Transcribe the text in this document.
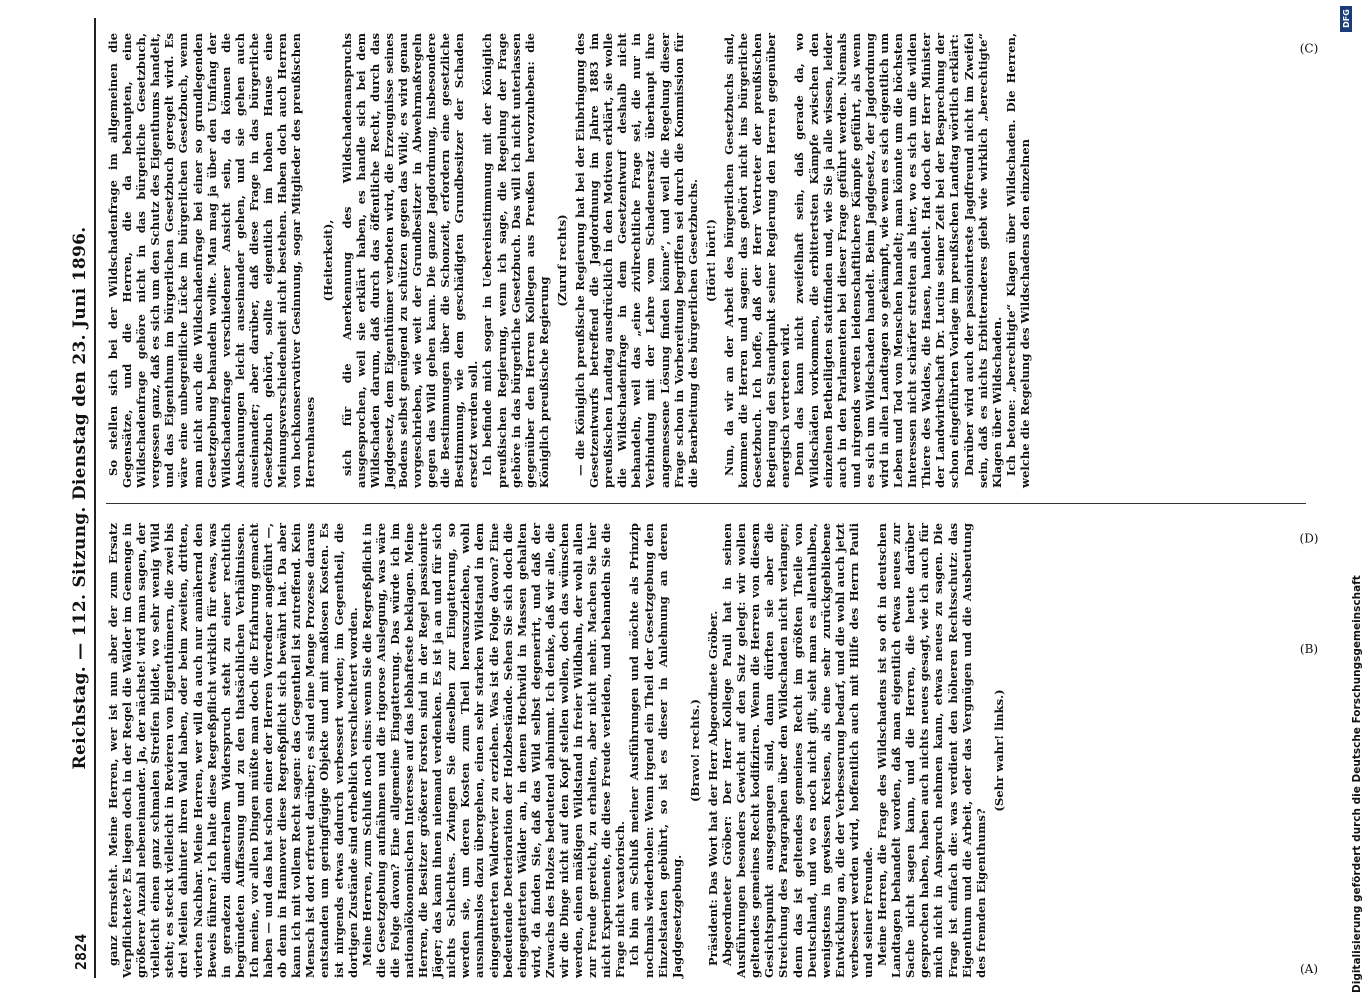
2824
Reichstag. — 112. Sitzung. Dienstag den 23. Juni 1896. ganz fernsteht. Meine Herren, wer ist nun aber der zum Ersatz Verpflichtete? Es liegen doch in der Regel die Wälder im Gemenge in größerer Anzahl nebeneinander. Ja, der nächste! wird man sagen, der vielleicht einen ganz schmalen Streifen bildet, wo sehr wenig Wild steht; es steckt vielleicht in Revieren von Eigenthümern, die zwei bis drei Meilen dahinter ihren Wald haben, oder beim zweiten, dritten, vierten Nachbar. Meine Herren, wer will da auch nur annähernd den Beweis führen? Ich halte diese Regreßpflicht wirklich für etwas, was in geradezu diametralem Widerspruch steht zu einer rechtlich begründeten Auffassung und zu den thatsächlichen Verhältnissen. Ich meine, vor allen Dingen müßte man doch die Erfahrung gemacht haben — und das hat schon einer der Herren Vorredner angeführt —, ob denn in Hannover diese Regreßpflicht sich bewährt hat. Da aber kann ich mit vollem Recht sagen: das Gegentheil ist zutreffend. Kein Mensch ist dort erfreut darüber; es sind eine Menge Prozesse daraus entstanden um geringfügige Objekte und mit maßlosen Kosten. Es ist nirgends etwas dadurch verbessert worden; im Gegentheil, die dortigen Zustände sind erheblich verschlechtert worden. Meine Herren, zum Schluß noch eins: wenn Sie die Regreßpflicht in die Gesetzgebung aufnähmen und die rigorose Auslegung, was wäre die Folge davon? Eine allgemeine Eingatterung. Das würde ich im nationalökonomischen Interesse auf das lebhafteste beklagen. Meine Herren, die Besitzer größerer Forsten sind in der Regel passionirte Jäger; das kann ihnen niemand verdenken. Es ist ja an und für sich nichts Schlechtes. Zwingen Sie dieselben zur Eingatterung, so werden sie, um deren Kosten zum Theil herauszuziehen, wohl ausnahmslos dazu übergehen, einen sehr starken Wildstand in dem eingegatterten Waldrevier zu erziehen. Was ist die Folge davon? Eine bedeutende Deterioration der Holzbestände. Sehen Sie sich doch die eingegatterten Wälder an, in denen Hochwild in Massen gehalten wird, da finden Sie, daß das Wild selbst degenerirt, und daß der Zuwachs des Holzes bedeutend abnimmt. Ich denke, daß wir alle, die wir die Dinge nicht auf den Kopf stellen wollen, doch das wünschen werden, einen mäßigen Wildstand in freier Wildbahn, der wohl allen zur Freude gereicht, zu erhalten, aber nicht mehr. Machen Sie hier nicht Experimente, die diese Freude verleiden, und behandeln Sie die Frage nicht vexatorisch. Ich bin am Schluß meiner Ausführungen und möchte als Prinzip nochmals wiederholen: Wenn irgend ein Theil der Gesetzgebung den Einzelstaaten gebührt, so ist es dieser in Anlehnung an deren Jagdgesetzgebung.

(Bravo! rechts.) Präsident: Das Wort hat der Herr Abgeordnete Gröber. Abgeordneter Gröber: Der Herr Kollege Pauli hat in seinen Ausführungen besonders Gewicht auf den Satz gelegt: wir wollen geltendes gemeines Recht kodifiziren. Wenn die Herren von diesem Gesichtspunkt ausgegangen sind, dann dürften sie aber die Streichung des Paragraphen über den Wildschaden nicht verlangen; denn das ist geltendes gemeines Recht im größten Theile von Deutschland, und wo es noch nicht gilt, sieht man es allenthalben, wenigstens in gewissen Kreisen, als eine sehr zurückgebliebene Entwicklung an, die der Verbesserung bedarf, und die wohl auch jetzt verbessert werden wird, hoffentlich auch mit Hilfe des Herrn Pauli und seiner Freunde. Meine Herren, die Frage des Wildschadens ist so oft in deutschen Landtagen behandelt worden, daß man eigentlich etwas neues zur Sache nicht sagen kann, und die Herren, die heute darüber gesprochen haben, haben auch nichts neues gesagt, wie ich auch für mich nicht in Anspruch nehmen kann, etwas neues zu sagen. Die Frage ist einfach die: was verdient den höheren Rechtsschutz: das Eigenthum und die Arbeit, oder das Vergnügen und die Ausbeutung des fremden Eigenthums?

(Sehr wahr! links.)

So stellen sich bei der Wildschadenfrage im allgemeinen die Gegensätze, und die Herren, die da behaupten, eine Wildschadenfrage gehöre nicht in das bürgerliche Gesetzbuch, vergessen ganz, daß es sich um den Schutz des Eigenthums handelt, und das Eigenthum im bürgerlichen Gesetzbuch geregelt wird. Es wäre eine unbegreifliche Lücke im bürgerlichen Gesetzbuch, wenn man nicht auch die Wildschadenfrage bei einer so grundlegenden Gesetzgebung behandeln wollte. Man mag ja über den Umfang der Wildschadenfrage verschiedener Ansicht sein, da können die Anschauungen leicht auseinander gehen, und sie gehen auch auseinander; aber darüber, daß diese Frage in das bürgerliche Gesetzbuch gehört, sollte eigentlich im hohen Hause eine Meinungsverschiedenheit nicht bestehen. Haben doch auch Herren von hochkonservativer Gesinnung, sogar Mitglieder des preußischen Herrenhauses

(Heiterkeit), sich für die Anerkennung des Wildschadenanspruchs ausgesprochen, weil sie erklärt haben, es handle sich bei dem Wildschaden darum, daß durch das öffentliche Recht, durch das Jagdgesetz, dem Eigenthümer verboten wird, die Erzeugnisse seines Bodens selbst genügend zu schützen gegen das Wild; es wird genau vorgeschrieben, wie weit der Grundbesitzer in Abwehrmaßregeln gegen das Wild gehen kann. Die ganze Jagdordnung, insbesondere die Bestimmungen über die Schonzeit, erfordern eine gesetzliche Bestimmung, wie dem geschädigten Grundbesitzer der Schaden ersetzt werden soll. Ich befinde mich sogar in Uebereinstimmung mit der Königlich preußischen Regierung, wenn ich sage, die Regelung der Frage gehöre in das bürgerliche Gesetzbuch. Das will ich nicht unterlassen gegenüber den Herren Kollegen aus Preußen hervorzuheben: die Königlich preußische Regierung

(Zuruf rechts) — die Königlich preußische Regierung hat bei der Einbringung des Gesetzentwurfs betreffend die Jagdordnung im Jahre 1883 im preußischen Landtag ausdrücklich in den Motiven erklärt, sie wolle die Wildschadenfrage in dem Gesetzentwurf deshalb nicht behandeln, weil das „eine zivilrechtliche Frage sei, die nur in Verbindung mit der Lehre vom Schadenersatz überhaupt ihre angemessene Lösung finden könne“, und weil die Regelung dieser Frage schon in Vorbereitung begriffen sei durch die Kommission für die Bearbeitung des bürgerlichen Gesetzbuchs. (Hört! hört!) Nun, da wir an der Arbeit des bürgerlichen Gesetzbuchs sind, kommen die Herren und sagen: das gehört nicht ins bürgerliche Gesetzbuch. Ich hoffe, daß der Herr Vertreter der preußischen Regierung den Standpunkt seiner Regierung den Herren gegenüber energisch vertreten wird. Denn das kann nicht zweifelhaft sein, daß gerade da, wo Wildschäden vorkommen, die erbittertsten Kämpfe zwischen den einzelnen Betheiligten stattfinden und, wie Sie ja alle wissen, leider auch in den Parlamenten bei dieser Frage geführt werden. Niemals und nirgends werden leidenschaftlichere Kämpfe geführt, als wenn es sich um Wildschaden handelt. Beim Jagdgesetz, der Jagdordnung wird in allen Landtagen so gekämpft, wie wenn es sich eigentlich um Leben und Tod von Menschen handelt; man könnte um die höchsten Interessen nicht schärfer streiten als hier, wo es sich um die wilden Thiere des Waldes, die Hasen, handelt. Hat doch der Herr Minister der Landwirthschaft Dr. Lucius seiner Zeit bei der Besprechung der schon eingeführten Vorlage im preußischen Landtag wörtlich erklärt: Darüber wird auch der passionirteste Jagdfreund nicht im Zweifel sein, daß es nichts Erbitternderes giebt wie wirklich „berechtigte“ Klagen über Wildschaden. Ich betone: „berechtigte“ Klagen über Wildschaden. Die Herren, welche die Regelung des Wildschadens den einzelnen

(A)
(B)
(C)
(D)
DFG
Digitalisierung gefördert durch die Deutsche Forschungsgemeinschaft
